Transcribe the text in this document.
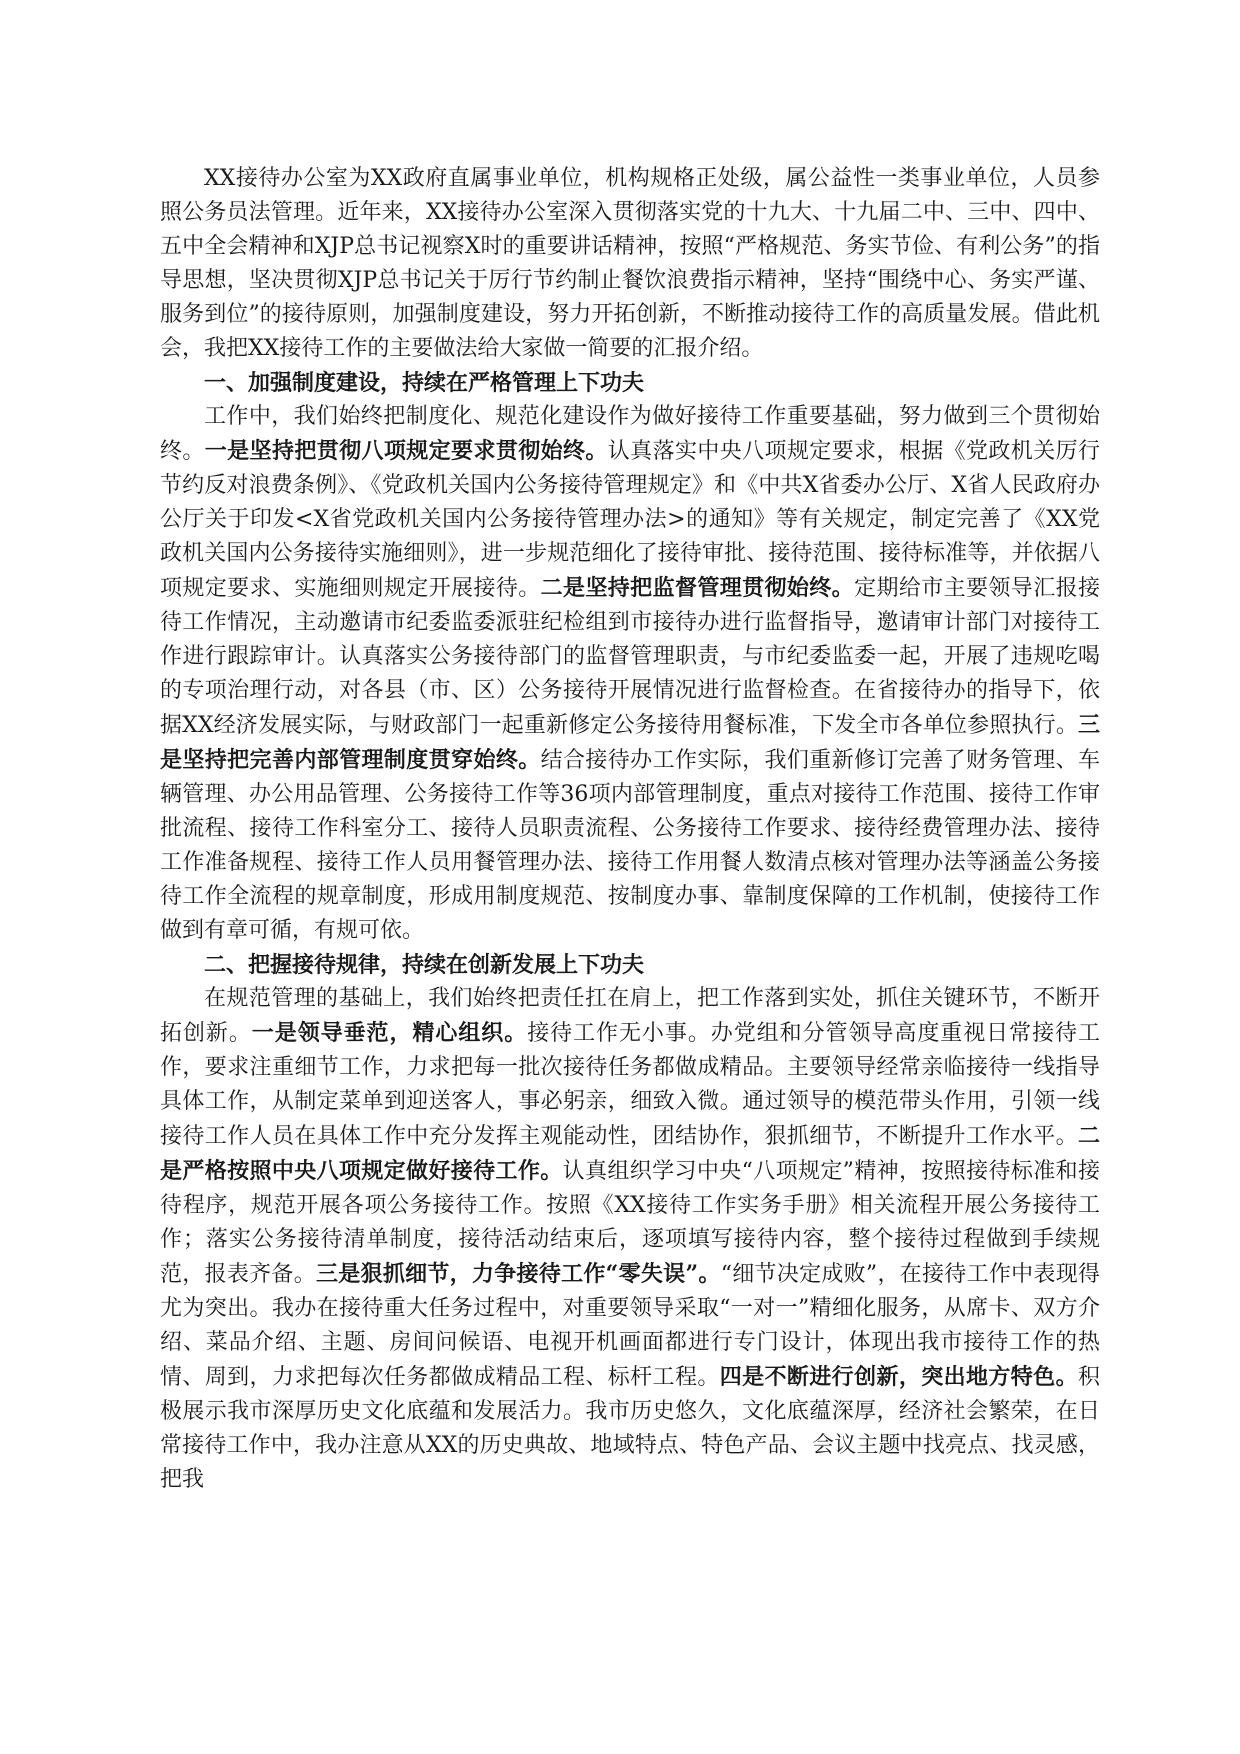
XX接待办公室为XX政府直属事业单位，机构规格正处级，属公益性一类事业单位，人员参照公务员法管理。近年来，XX接待办公室深入贯彻落实党的十九大、十九届二中、三中、四中、五中全会精神和XJP总书记视察X时的重要讲话精神，按照“严格规范、务实节俭、有利公务”的指导思想，坚决贯彻XJP总书记关于厉行节约制止餐饮浪费指示精神，坚持“围绕中心、务实严谨、服务到位”的接待原则，加强制度建设，努力开拓创新，不断推动接待工作的高质量发展。借此机会，我把XX接待工作的主要做法给大家做一简要的汇报介绍。

一、加强制度建设，持续在严格管理上下功夫

工作中，我们始终把制度化、规范化建设作为做好接待工作重要基础，努力做到三个贯彻始终。一是坚持把贯彻八项规定要求贯彻始终。认真落实中央八项规定要求，根据《党政机关厉行节约反对浪费条例》、《党政机关国内公务接待管理规定》和《中共X省委办公厅、X省人民政府办公厅关于印发<X省党政机关国内公务接待管理办法>的通知》等有关规定，制定完善了《XX党政机关国内公务接待实施细则》，进一步规范细化了接待审批、接待范围、接待标准等，并依据八项规定要求、实施细则规定开展接待。二是坚持把监督管理贯彻始终。定期给市主要领导汇报接待工作情况，主动邀请市纪委监委派驻纪检组到市接待办进行监督指导，邀请审计部门对接待工作进行跟踪审计。认真落实公务接待部门的监督管理职责，与市纪委监委一起，开展了违规吃喝的专项治理行动，对各县（市、区）公务接待开展情况进行监督检查。在省接待办的指导下，依据XX经济发展实际，与财政部门一起重新修定公务接待用餐标准，下发全市各单位参照执行。三是坚持把完善内部管理制度贯穿始终。结合接待办工作实际，我们重新修订完善了财务管理、车辆管理、办公用品管理、公务接待工作等36项内部管理制度，重点对接待工作范围、接待工作审批流程、接待工作科室分工、接待人员职责流程、公务接待工作要求、接待经费管理办法、接待工作准备规程、接待工作人员用餐管理办法、接待工作用餐人数清点核对管理办法等涵盖公务接待工作全流程的规章制度，形成用制度规范、按制度办事、靠制度保障的工作机制，使接待工作做到有章可循，有规可依。

二、把握接待规律，持续在创新发展上下功夫

在规范管理的基础上，我们始终把责任扛在肩上，把工作落到实处，抓住关键环节，不断开拓创新。一是领导垂范，精心组织。接待工作无小事。办党组和分管领导高度重视日常接待工作，要求注重细节工作，力求把每一批次接待任务都做成精品。主要领导经常亲临接待一线指导具体工作，从制定菜单到迎送客人，事必躬亲，细致入微。通过领导的模范带头作用，引领一线接待工作人员在具体工作中充分发挥主观能动性，团结协作，狠抓细节，不断提升工作水平。二是严格按照中央八项规定做好接待工作。认真组织学习中央“八项规定”精神，按照接待标准和接待程序，规范开展各项公务接待工作。按照《XX接待工作实务手册》相关流程开展公务接待工作；落实公务接待清单制度，接待活动结束后，逐项填写接待内容，整个接待过程做到手续规范，报表齐备。三是狠抓细节，力争接待工作“零失误”。“细节决定成败”，在接待工作中表现得尤为突出。我办在接待重大任务过程中，对重要领导采取“一对一”精细化服务，从席卡、双方介绍、菜品介绍、主题、房间问候语、电视开机画面都进行专门设计，体现出我市接待工作的热情、周到，力求把每次任务都做成精品工程、标杆工程。四是不断进行创新，突出地方特色。积极展示我市深厚历史文化底蕴和发展活力。我市历史悠久，文化底蕴深厚，经济社会繁荣，在日常接待工作中，我办注意从XX的历史典故、地域特点、特色产品、会议主题中找亮点、找灵感，把我
